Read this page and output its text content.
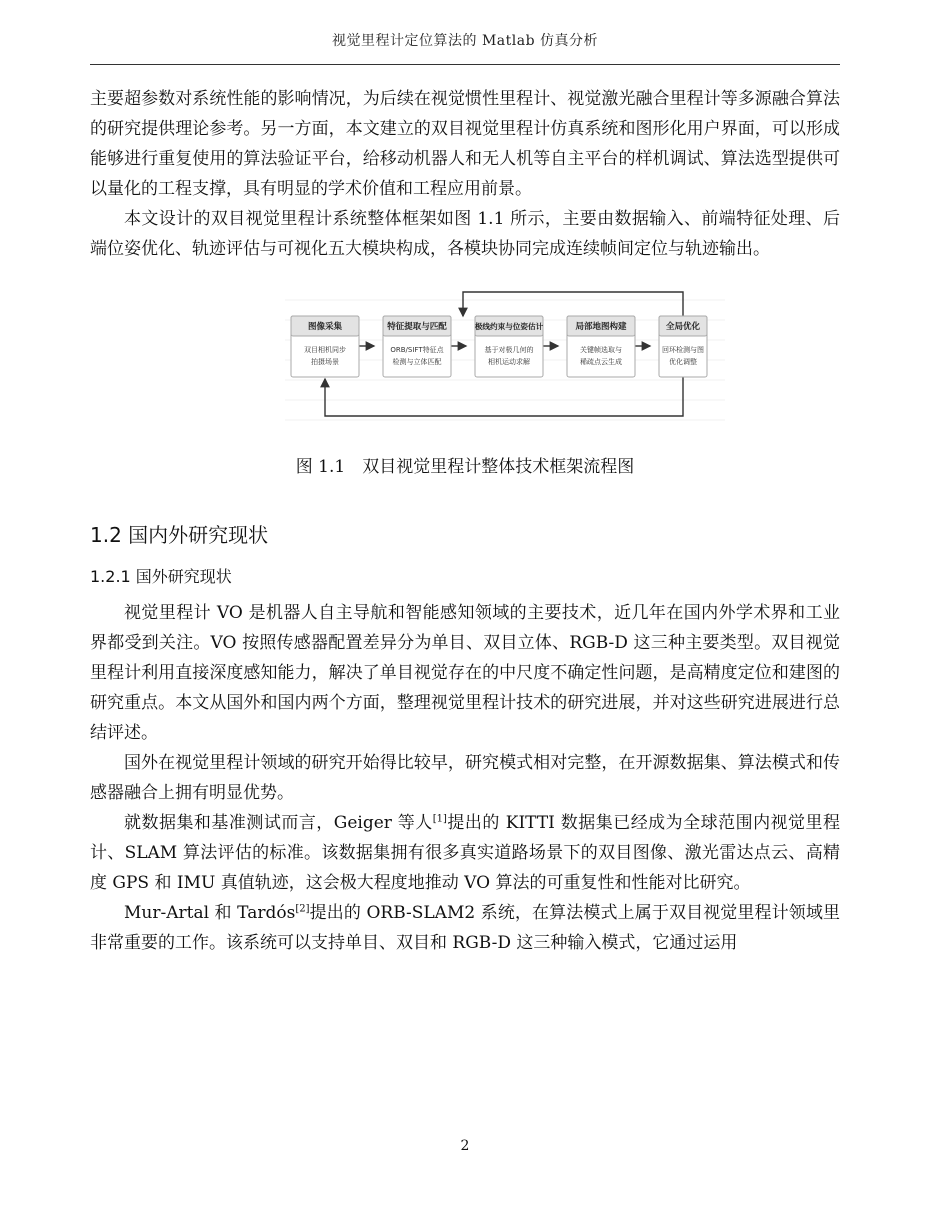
视觉里程计定位算法的 Matlab 仿真分析

主要超参数对系统性能的影响情况，为后续在视觉惯性里程计、视觉激光融合里程计等多源融合算法的研究提供理论参考。另一方面，本文建立的双目视觉里程计仿真系统和图形化用户界面，可以形成能够进行重复使用的算法验证平台，给移动机器人和无人机等自主平台的样机调试、算法选型提供可以量化的工程支撑，具有明显的学术价值和工程应用前景。

本文设计的双目视觉里程计系统整体框架如图 1.1 所示，主要由数据输入、前端特征处理、后端位姿优化、轨迹评估与可视化五大模块构成，各模块协同完成连续帧间定位与轨迹输出。

图像采集
双目相机同步
拍摄场景
特征提取与匹配
ORB/SIFT特征点
检测与立体匹配
极线约束与位姿估计
基于对极几何的
相机运动求解
局部地图构建
关键帧选取与
稀疏点云生成
全局优化
回环检测与图
优化调整

图 1.1　双目视觉里程计整体技术框架流程图

1.2 国内外研究现状
1.2.1 国外研究现状

视觉里程计 VO 是机器人自主导航和智能感知领域的主要技术，近几年在国内外学术界和工业界都受到关注。VO 按照传感器配置差异分为单目、双目立体、RGB-D 这三种主要类型。双目视觉里程计利用直接深度感知能力，解决了单目视觉存在的中尺度不确定性问题，是高精度定位和建图的研究重点。本文从国外和国内两个方面，整理视觉里程计技术的研究进展，并对这些研究进展进行总结评述。

国外在视觉里程计领域的研究开始得比较早，研究模式相对完整，在开源数据集、算法模式和传感器融合上拥有明显优势。

就数据集和基准测试而言，Geiger 等人[1]提出的 KITTI 数据集已经成为全球范围内视觉里程计、SLAM 算法评估的标准。该数据集拥有很多真实道路场景下的双目图像、激光雷达点云、高精度 GPS 和 IMU 真值轨迹，这会极大程度地推动 VO 算法的可重复性和性能对比研究。

Mur-Artal 和 Tardós[2]提出的 ORB-SLAM2 系统，在算法模式上属于双目视觉里程计领域里非常重要的工作。该系统可以支持单目、双目和 RGB-D 这三种输入模式，它通过运用

2
